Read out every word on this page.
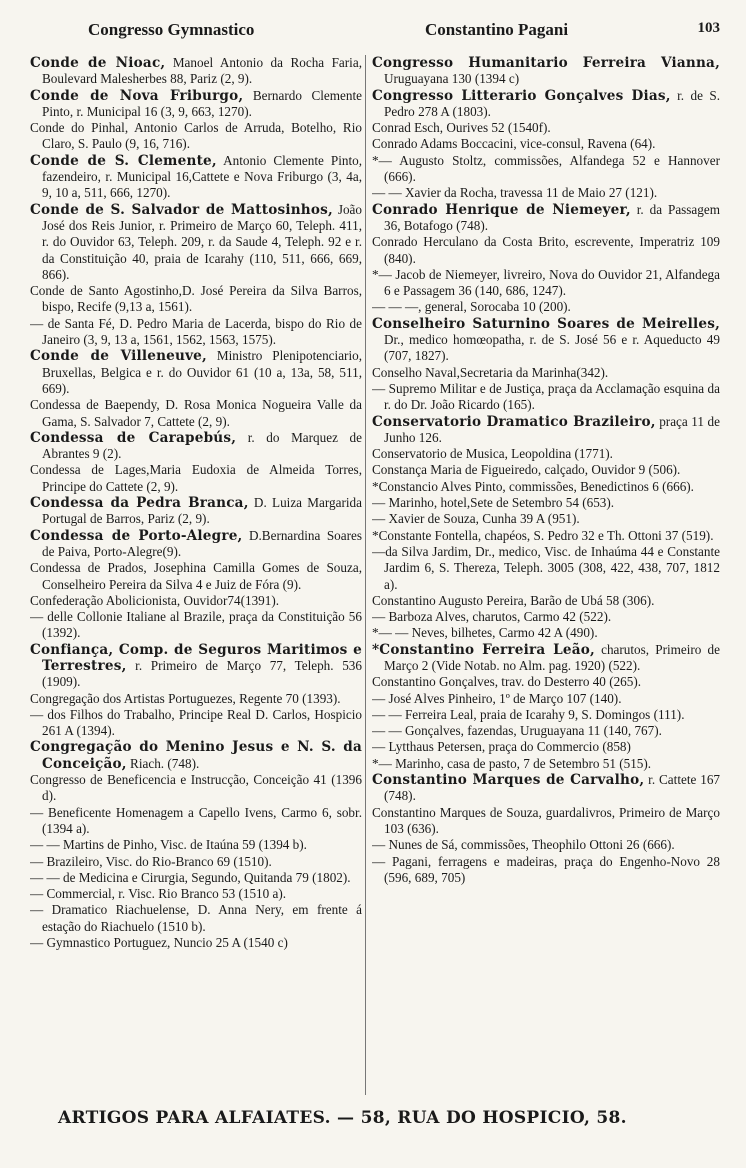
Congresso Gymnastico	Constantino Pagani	103

Conde de Nioac, Manoel Antonio da Rocha Faria, Boulevard Malesherbes 88, Pariz (2, 9).

Conde de Nova Friburgo, Bernardo Clemente Pinto, r. Municipal 16 (3, 9, 663, 1270).

Conde do Pinhal, Antonio Carlos de Arruda, Botelho, Rio Claro, S. Paulo (9, 16, 716).

Conde de S. Clemente, Antonio Clemente Pinto, fazendeiro, r. Municipal 16,Cattete e Nova Friburgo (3, 4a, 9, 10 a, 511, 666, 1270).

Conde de S. Salvador de Mattosinhos, João José dos Reis Junior, r. Primeiro de Março 60, Teleph. 411, r. do Ouvidor 63, Teleph. 209, r. da Saude 4, Teleph. 92 e r. da Constituição 40, praia de Icarahy (110, 511, 666, 669, 866).

Conde de Santo Agostinho,D. José Pereira da Silva Barros, bispo, Recife (9,13 a, 1561).

— de Santa Fé, D. Pedro Maria de Lacerda, bispo do Rio de Janeiro (3, 9, 13 a, 1561, 1562, 1563, 1575).

Conde de Villeneuve, Ministro Plenipotenciario, Bruxellas, Belgica e r. do Ouvidor 61 (10 a, 13a, 58, 511, 669).

Condessa de Baependy, D. Rosa Monica Nogueira Valle da Gama, S. Salvador 7, Cattete (2, 9).

Condessa de Carapebús, r. do Marquez de Abrantes 9 (2).

Condessa de Lages,Maria Eudoxia de Almeida Torres, Principe do Cattete (2, 9).

Condessa da Pedra Branca, D. Luiza Margarida Portugal de Barros, Pariz (2, 9).

Condessa de Porto-Alegre, D.Bernardina Soares de Paiva, Porto-Alegre(9).

Condessa de Prados, Josephina Camilla Gomes de Souza, Conselheiro Pereira da Silva 4 e Juiz de Fóra (9).

Confederação Abolicionista, Ouvidor74(1391).

— delle Collonie Italiane al Brazile, praça da Constituição 56 (1392).

Confiança, Comp. de Seguros Maritimos e Terrestres, r. Primeiro de Março 77, Teleph. 536 (1909).

Congregação dos Artistas Portuguezes, Regente 70 (1393).

— dos Filhos do Trabalho, Principe Real D. Carlos, Hospicio 261 A (1394).

Congregação do Menino Jesus e N. S. da Conceição, Riach. (748).

Congresso de Beneficencia e Instrucção, Conceição 41 (1396 d).

— Beneficente Homenagem a Capello Ivens, Carmo 6, sobr. (1394 a).

— — Martins de Pinho, Visc. de Itaúna 59 (1394 b).

— Brazileiro, Visc. do Rio-Branco 69 (1510).

— — de Medicina e Cirurgia, Segundo, Quitanda 79 (1802).

— Commercial, r. Visc. Rio Branco 53 (1510 a).

— Dramatico Riachuelense, D. Anna Nery, em frente á estação do Riachuelo (1510 b).

— Gymnastico Portuguez, Nuncio 25 A (1540 c)

Congresso Humanitario Ferreira Vianna, Uruguayana 130 (1394 c)

Congresso Litterario Gonçalves Dias, r. de S. Pedro 278 A (1803).

Conrad Esch, Ourives 52 (1540f).

Conrado Adams Boccacini, vice-consul, Ravena (64).

*— Augusto Stoltz, commissões, Alfandega 52 e Hannover (666).

— — Xavier da Rocha, travessa 11 de Maio 27 (121).

Conrado Henrique de Niemeyer, r. da Passagem 36, Botafogo (748).

Conrado Herculano da Costa Brito, escrevente, Imperatriz 109 (840).

*— Jacob de Niemeyer, livreiro, Nova do Ouvidor 21, Alfandega 6 e Passagem 36 (140, 686, 1247).

— — —, general, Sorocaba 10 (200).

Conselheiro Saturnino Soares de Meirelles, Dr., medico homœopatha, r. de S. José 56 e r. Aqueducto 49 (707, 1827).

Conselho Naval,Secretaria da Marinha(342).

— Supremo Militar e de Justiça, praça da Acclamação esquina da r. do Dr. João Ricardo (165).

Conservatorio Dramatico Brazileiro, praça 11 de Junho 126.

Conservatorio de Musica, Leopoldina (1771).

Constança Maria de Figueiredo, calçado, Ouvidor 9 (506).

*Constancio Alves Pinto, commissões, Benedictinos 6 (666).

— Marinho, hotel,Sete de Setembro 54 (653).

— Xavier de Souza, Cunha 39 A (951).

*Constante Fontella, chapéos, S. Pedro 32 e Th. Ottoni 37 (519).

—da Silva Jardim, Dr., medico, Visc. de Inhaúma 44 e Constante Jardim 6, S. Thereza, Teleph. 3005 (308, 422, 438, 707, 1812 a).

Constantino Augusto Pereira, Barão de Ubá 58 (306).

— Barboza Alves, charutos, Carmo 42 (522).

*— — Neves, bilhetes, Carmo 42 A (490).

*Constantino Ferreira Leão, charutos, Primeiro de Março 2 (Vide Notab. no Alm. pag. 1920) (522).

Constantino Gonçalves, trav. do Desterro 40 (265).

— José Alves Pinheiro, 1º de Março 107 (140).

— — Ferreira Leal, praia de Icarahy 9, S. Domingos (111).

— — Gonçalves, fazendas, Uruguayana 11 (140, 767).

— Lytthaus Petersen, praça do Commercio (858)

*— Marinho, casa de pasto, 7 de Setembro 51 (515).

Constantino Marques de Carvalho, r. Cattete 167 (748).

Constantino Marques de Souza, guardalivros, Primeiro de Março 103 (636).

— Nunes de Sá, commissões, Theophilo Ottoni 26 (666).

— Pagani, ferragens e madeiras, praça do Engenho-Novo 28 (596, 689, 705)

ARTIGOS PARA ALFAIATES. — 58, RUA DO HOSPICIO, 58.
